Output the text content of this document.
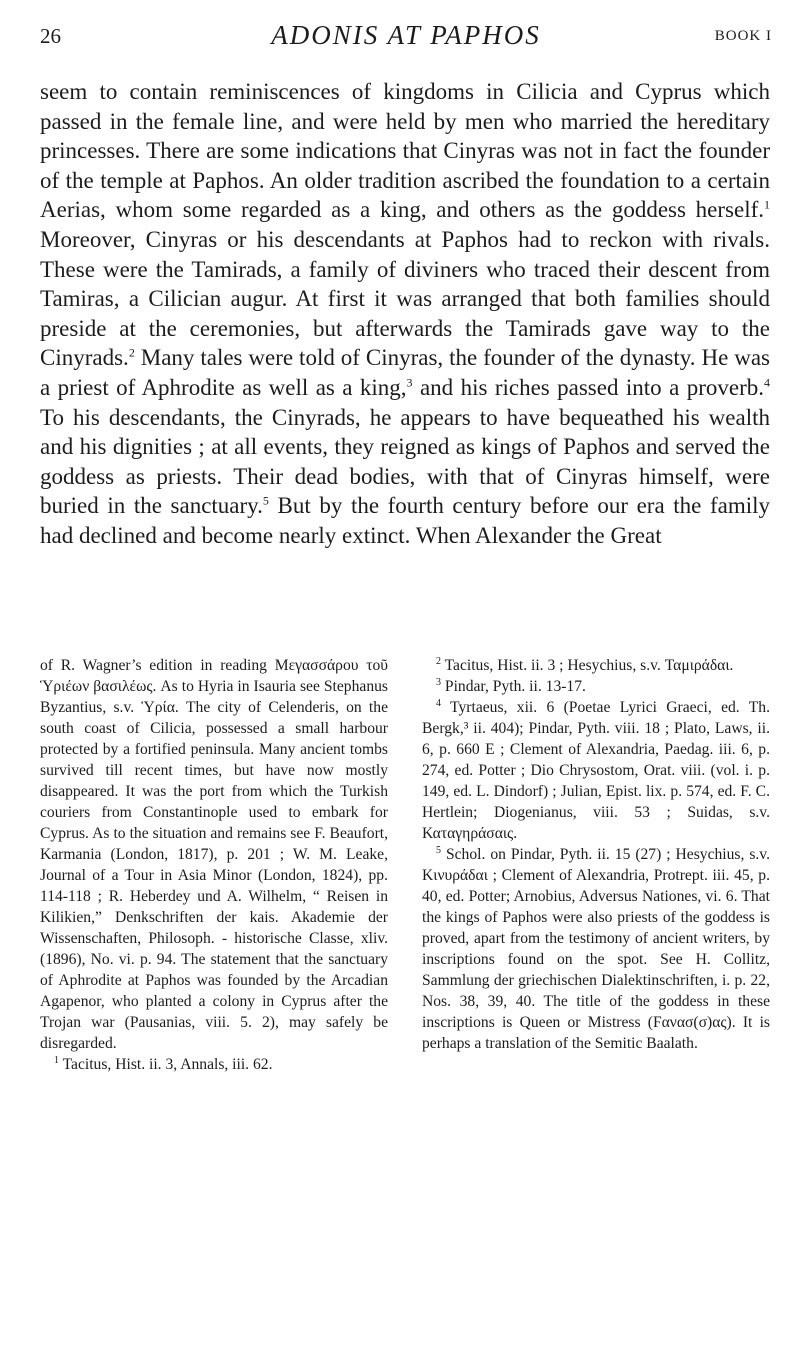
26	ADONIS AT PAPHOS	BOOK I

seem to contain reminiscences of kingdoms in Cilicia and Cyprus which passed in the female line, and were held by men who married the hereditary princesses. There are some indications that Cinyras was not in fact the founder of the temple at Paphos. An older tradition ascribed the foundation to a certain Aerias, whom some regarded as a king, and others as the goddess herself.$^1$ Moreover, Cinyras or his descendants at Paphos had to reckon with rivals. These were the Tamirads, a family of diviners who traced their descent from Tamiras, a Cilician augur. At first it was arranged that both families should preside at the ceremonies, but afterwards the Tamirads gave way to the Cinyrads.$^2$ Many tales were told of Cinyras, the founder of the dynasty. He was a priest of Aphrodite as well as a king,$^3$ and his riches passed into a proverb.$^4$ To his descendants, the Cinyrads, he appears to have bequeathed his wealth and his dignities ; at all events, they reigned as kings of Paphos and served the goddess as priests. Their dead bodies, with that of Cinyras himself, were buried in the sanctuary.$^5$ But by the fourth century before our era the family had declined and become nearly extinct. When Alexander the Great

of R. Wagner’s edition in reading Μεγασσάρου τοῦ Ὑριέων βασιλέως. As to Hyria in Isauria see Stephanus Byzantius, s.v. Ὑρία. The city of Celenderis, on the south coast of Cilicia, possessed a small harbour protected by a fortified peninsula. Many ancient tombs survived till recent times, but have now mostly disappeared. It was the port from which the Turkish couriers from Constantinople used to embark for Cyprus. As to the situation and remains see F. Beaufort, Karmania (London, 1817), p. 201 ; W. M. Leake, Journal of a Tour in Asia Minor (London, 1824), pp. 114-118 ; R. Heberdey und A. Wilhelm, “ Reisen in Kilikien,” Denkschriften der kais. Akademie der Wissenschaften, Philosoph. - historische Classe, xliv. (1896), No. vi. p. 94. The statement that the sanctuary of Aphrodite at Paphos was founded by the Arcadian Agapenor, who planted a colony in Cyprus after the Trojan war (Pausanias, viii. 5. 2), may safely be disregarded.

$^1$ Tacitus, Hist. ii. 3, Annals, iii. 62.

$^2$ Tacitus, Hist. ii. 3 ; Hesychius, s.v. Ταμιράδαι.

$^3$ Pindar, Pyth. ii. 13-17.

$^4$ Tyrtaeus, xii. 6 (Poetae Lyrici Graeci, ed. Th. Bergk,³ ii. 404); Pindar, Pyth. viii. 18 ; Plato, Laws, ii. 6, p. 660 E ; Clement of Alexandria, Paedag. iii. 6, p. 274, ed. Potter ; Dio Chrysostom, Orat. viii. (vol. i. p. 149, ed. L. Dindorf) ; Julian, Epist. lix. p. 574, ed. F. C. Hertlein; Diogenianus, viii. 53 ; Suidas, s.v. Καταγηράσαις.

$^5$ Schol. on Pindar, Pyth. ii. 15 (27) ; Hesychius, s.v. Κινυράδαι ; Clement of Alexandria, Protrept. iii. 45, p. 40, ed. Potter; Arnobius, Adversus Nationes, vi. 6. That the kings of Paphos were also priests of the goddess is proved, apart from the testimony of ancient writers, by inscriptions found on the spot. See H. Collitz, Sammlung der griechischen Dialektinschriften, i. p. 22, Nos. 38, 39, 40. The title of the goddess in these inscriptions is Queen or Mistress (Ϝανασ(σ)ας). It is perhaps a translation of the Semitic Baalath.
